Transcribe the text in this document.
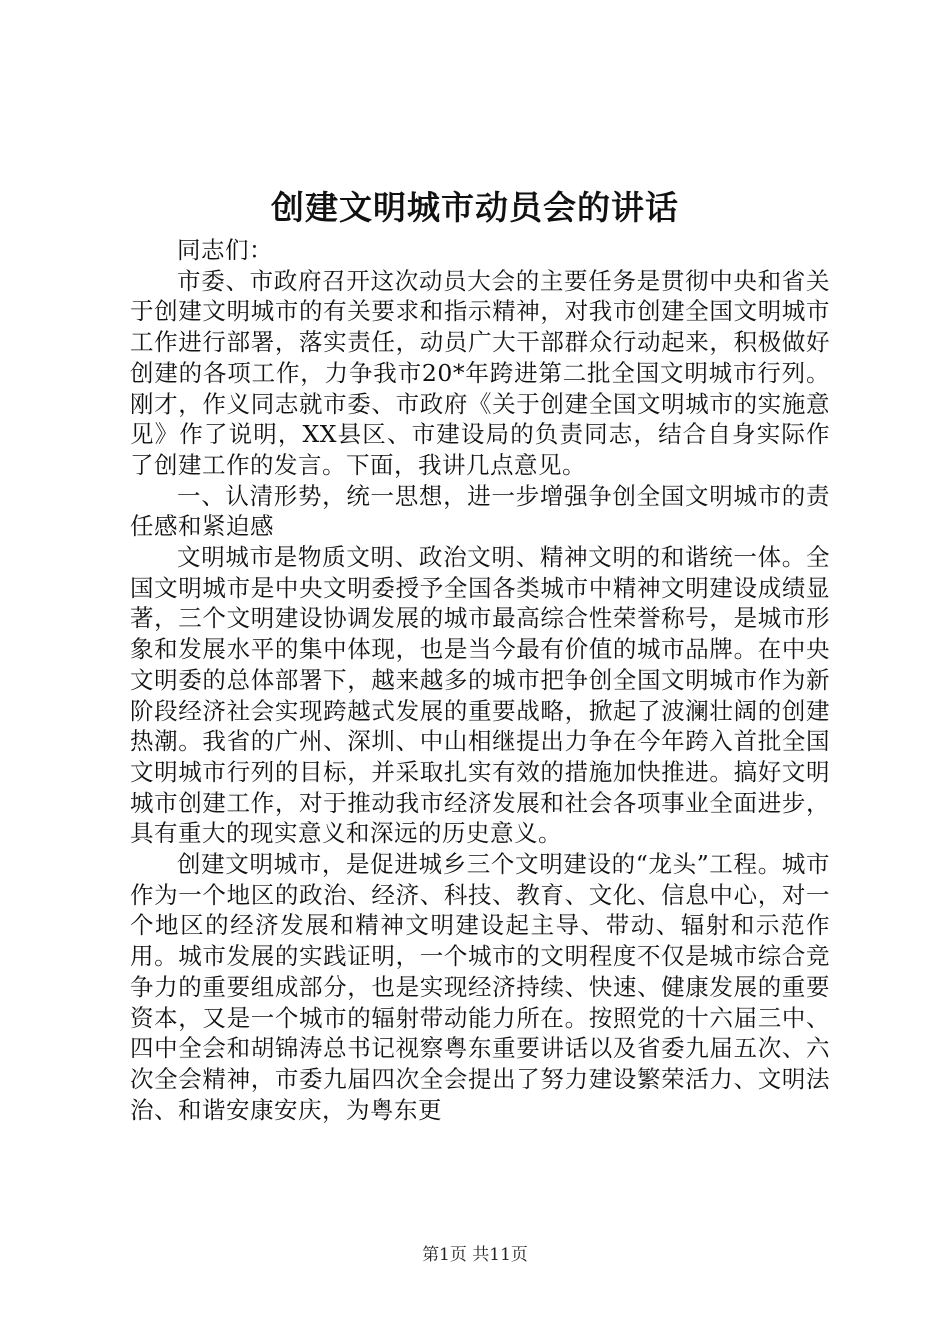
创建文明城市动员会的讲话

同志们：

市委、市政府召开这次动员大会的主要任务是贯彻中央和省关于创建文明城市的有关要求和指示精神，对我市创建全国文明城市工作进行部署，落实责任，动员广大干部群众行动起来，积极做好创建的各项工作，力争我市20*年跨进第二批全国文明城市行列。刚才，作义同志就市委、市政府《关于创建全国文明城市的实施意见》作了说明，XX县区、市建设局的负责同志，结合自身实际作了创建工作的发言。下面，我讲几点意见。

一、认清形势，统一思想，进一步增强争创全国文明城市的责任感和紧迫感

文明城市是物质文明、政治文明、精神文明的和谐统一体。全国文明城市是中央文明委授予全国各类城市中精神文明建设成绩显著，三个文明建设协调发展的城市最高综合性荣誉称号，是城市形象和发展水平的集中体现，也是当今最有价值的城市品牌。在中央文明委的总体部署下，越来越多的城市把争创全国文明城市作为新阶段经济社会实现跨越式发展的重要战略，掀起了波澜壮阔的创建热潮。我省的广州、深圳、中山相继提出力争在今年跨入首批全国文明城市行列的目标，并采取扎实有效的措施加快推进。搞好文明城市创建工作，对于推动我市经济发展和社会各项事业全面进步，具有重大的现实意义和深远的历史意义。

创建文明城市，是促进城乡三个文明建设的“龙头”工程。城市作为一个地区的政治、经济、科技、教育、文化、信息中心，对一个地区的经济发展和精神文明建设起主导、带动、辐射和示范作用。城市发展的实践证明，一个城市的文明程度不仅是城市综合竞争力的重要组成部分，也是实现经济持续、快速、健康发展的重要资本，又是一个城市的辐射带动能力所在。按照党的十六届三中、四中全会和胡锦涛总书记视察粤东重要讲话以及省委九届五次、六次全会精神，市委九届四次全会提出了努力建设繁荣活力、文明法治、和谐安康安庆，为粤东更

第1页 共11页
